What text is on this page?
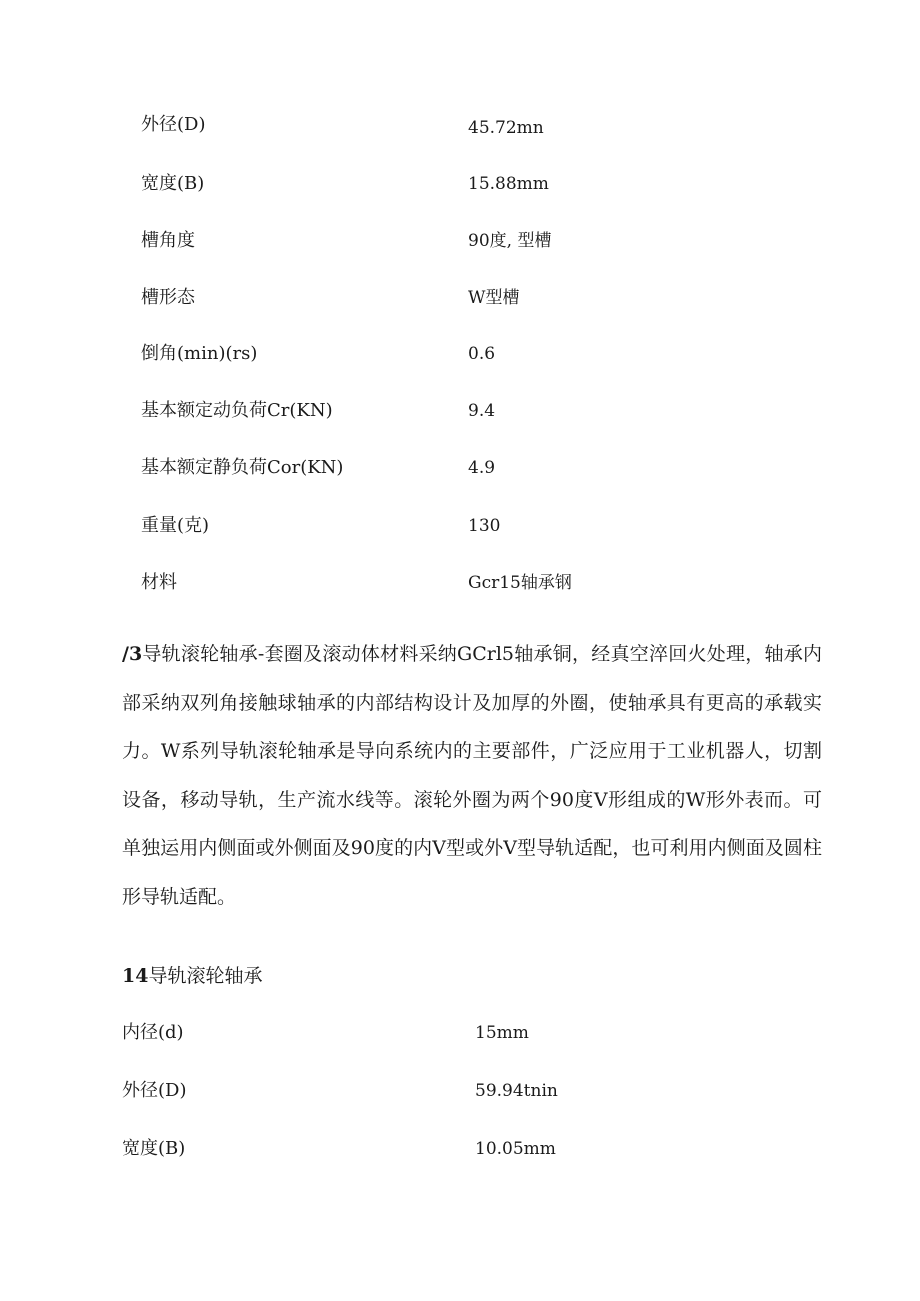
外径(D)	45.72mn
宽度(B)	15.88mm
槽角度	90度, 型槽
槽形态	W型槽
倒角(min)(rs)	0.6
基本额定动负荷Cr(KN)	9.4
基本额定静负荷Cor(KN)	4.9
重量(克)	130
材料	Gcr15轴承钢

/3导轨滚轮轴承-套圈及滚动体材料采纳GCrl5轴承铜，经真空淬回火处理，轴承内部采纳双列角接触球轴承的内部结构设计及加厚的外圈，使轴承具有更高的承载实力。W系列导轨滚轮轴承是导向系统内的主要部件，广泛应用于工业机器人，切割设备，移动导轨，生产流水线等。滚轮外圈为两个90度V形组成的W形外表而。可单独运用内侧面或外侧面及90度的内V型或外V型导轨适配，也可利用内侧面及圆柱形导轨适配。

14导轨滚轮轴承
内径(d)	15mm
外径(D)	59.94tnin
宽度(B)	10.05mm
